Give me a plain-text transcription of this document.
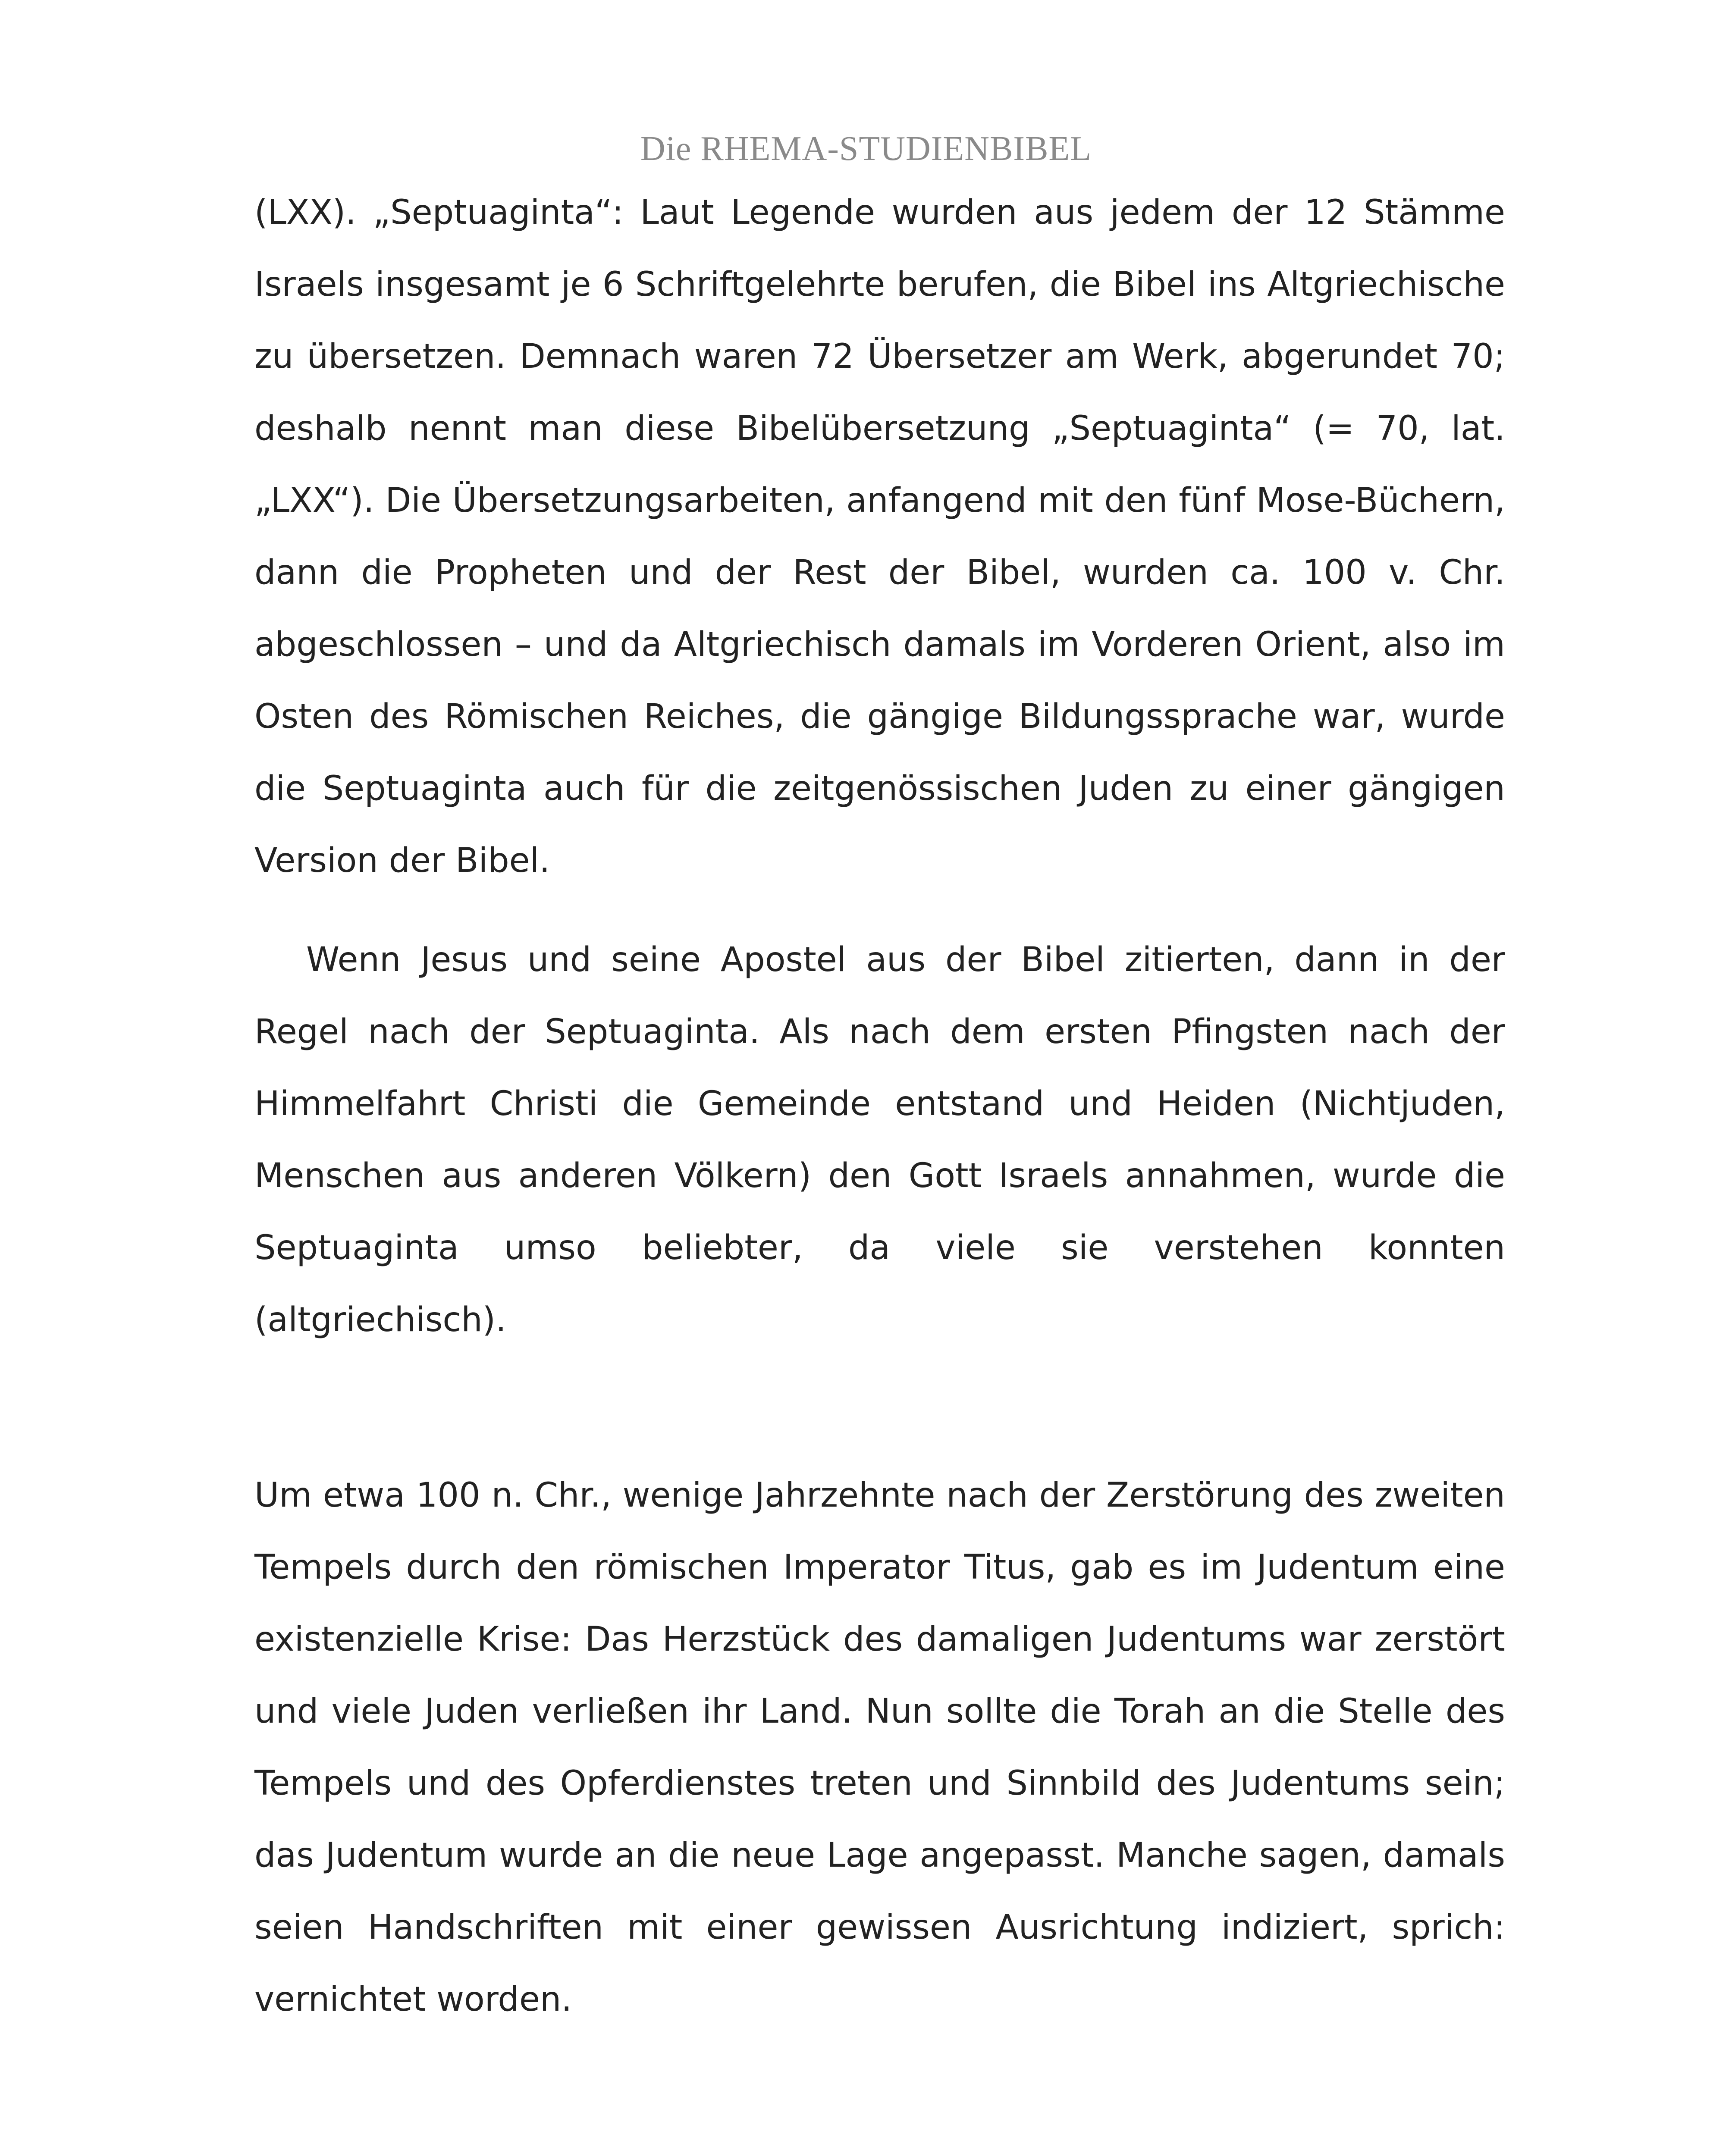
Die RHEMA-STUDIENBIBEL

(LXX). „Septuaginta“: Laut Legende wurden aus jedem der 12 Stämme Israels insgesamt je 6 Schriftgelehrte berufen, die Bibel ins Altgriechische zu übersetzen. Demnach waren 72 Übersetzer am Werk, abgerundet 70; deshalb nennt man diese Bibelübersetzung „Septuaginta“ (= 70, lat. „LXX“). Die Übersetzungsarbeiten, anfangend mit den fünf Mose-Büchern, dann die Propheten und der Rest der Bibel, wurden ca. 100 v. Chr. abgeschlossen – und da Altgriechisch damals im Vorderen Orient, also im Osten des Römischen Reiches, die gängige Bildungssprache war, wurde die Septuaginta auch für die zeitgenössischen Juden zu einer gängigen Version der Bibel.

Wenn Jesus und seine Apostel aus der Bibel zitierten, dann in der Regel nach der Septuaginta. Als nach dem ersten Pfingsten nach der Himmelfahrt Christi die Gemeinde entstand und Heiden (Nichtjuden, Menschen aus anderen Völkern) den Gott Israels annahmen, wurde die Septuaginta umso beliebter, da viele sie verstehen konnten (altgriechisch).

Um etwa 100 n. Chr., wenige Jahrzehnte nach der Zerstörung des zweiten Tempels durch den römischen Imperator Titus, gab es im Judentum eine existenzielle Krise: Das Herzstück des damaligen Judentums war zerstört und viele Juden verließen ihr Land. Nun sollte die Torah an die Stelle des Tempels und des Opferdienstes treten und Sinnbild des Judentums sein; das Judentum wurde an die neue Lage angepasst. Manche sagen, damals seien Handschriften mit einer gewissen Ausrichtung indiziert, sprich: vernichtet worden.
